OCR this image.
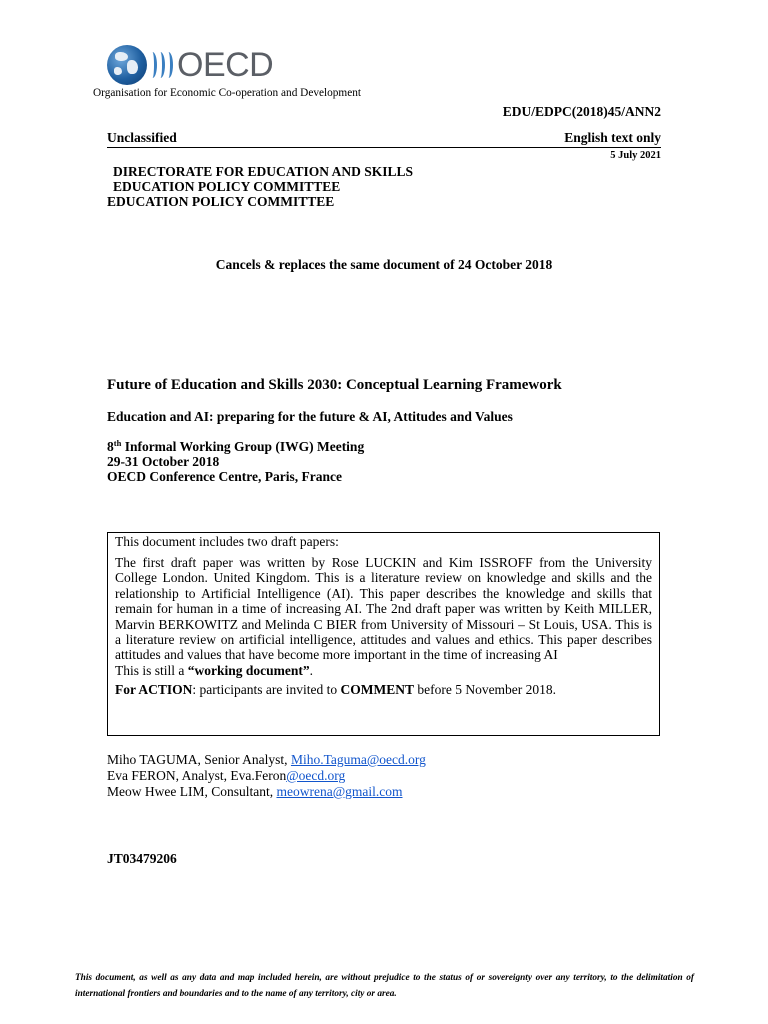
OECD
Organisation for Economic Co-operation and Development
EDU/EDPC(2018)45/ANN2
Unclassified	English text only
5 July 2021
DIRECTORATE FOR EDUCATION AND SKILLS
EDUCATION POLICY COMMITTEE
EDUCATION POLICY COMMITTEE
Cancels & replaces the same document of 24 October 2018
Future of Education and Skills 2030: Conceptual Learning Framework
Education and AI: preparing for the future & AI, Attitudes and Values
8th Informal Working Group (IWG) Meeting
29-31 October 2018
OECD Conference Centre, Paris, France

This document includes two draft papers:

The first draft paper was written by Rose LUCKIN and Kim ISSROFF from the University College London. United Kingdom. This is a literature review on knowledge and skills and the relationship to Artificial Intelligence (AI). This paper describes the knowledge and skills that remain for human in a time of increasing AI. The 2nd draft paper was written by Keith MILLER, Marvin BERKOWITZ and Melinda C BIER from University of Missouri – St Louis, USA. This is a literature review on artificial intelligence, attitudes and values and ethics. This paper describes attitudes and values that have become more important in the time of increasing AI
This is still a “working document”.

For ACTION: participants are invited to COMMENT before 5 November 2018.

Miho TAGUMA, Senior Analyst, Miho.Taguma@oecd.org
Eva FERON, Analyst, Eva.Feron@oecd.org
Meow Hwee LIM, Consultant, meowrena@gmail.com
JT03479206
This document, as well as any data and map included herein, are without prejudice to the status of or sovereignty over any territory, to the delimitation of international frontiers and boundaries and to the name of any territory, city or area.
